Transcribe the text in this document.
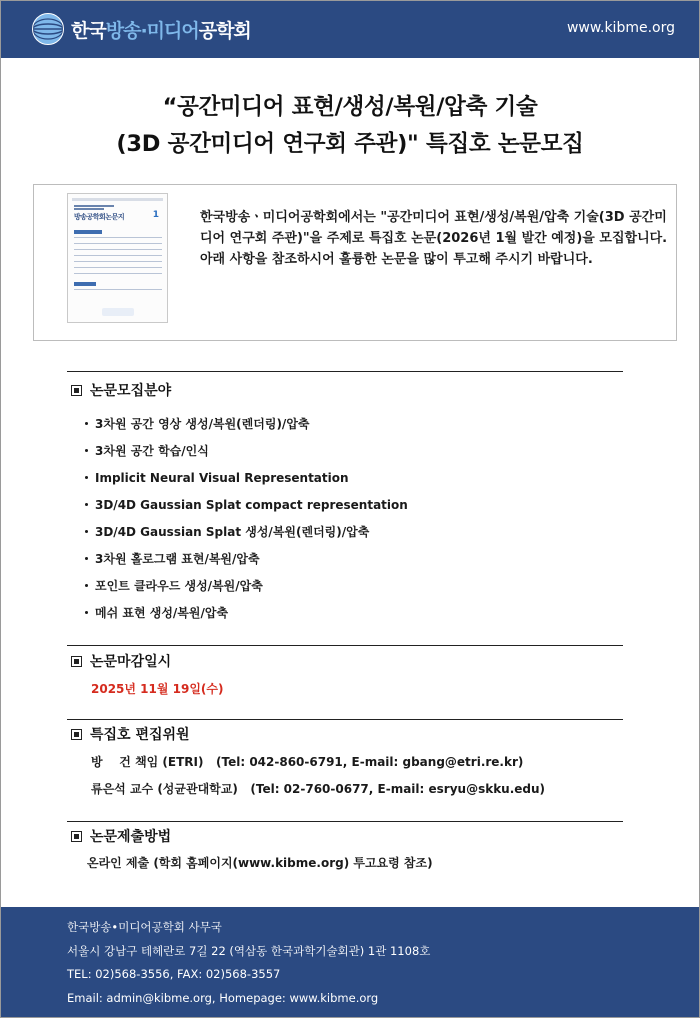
한국방송·미디어공학회	www.kibme.org
“공간미디어 표현/생성/복원/압축 기술
(3D 공간미디어 연구회 주관)" 특집호 논문모집
방송공학회논문지	1	한국방송ㆍ미디어공학회에서는 "공간미디어 표현/생성/복원/압축 기술(3D 공간미디어 연구회 주관)"을 주제로 특집호 논문(2026년 1월 발간 예정)을 모집합니다.

아래 사항을 참조하시어 훌륭한 논문을 많이 투고해 주시기 바랍니다.

논문모집분야
3차원 공간 영상 생성/복원(렌더링)/압축
3차원 공간 학습/인식
Implicit Neural Visual Representation
3D/4D Gaussian Splat compact representation
3D/4D Gaussian Splat 생성/복원(렌더링)/압축
3차원 홀로그램 표현/복원/압축
포인트 클라우드 생성/복원/압축
메쉬 표현 생성/복원/압축
논문마감일시
2025년 11월 19일(수)
특집호 편집위원
방    건 책임 (ETRI)   (Tel: 042-860-6791, E-mail: gbang@etri.re.kr)
류은석 교수 (성균관대학교)   (Tel: 02-760-0677, E-mail: esryu@skku.edu)
논문제출방법
온라인 제출 (학회 홈페이지(www.kibme.org) 투고요령 참조)
한국방송•미디어공학회 사무국
서울시 강남구 테헤란로 7길 22 (역삼동 한국과학기술회관) 1관 1108호
TEL: 02)568-3556, FAX: 02)568-3557
Email: admin@kibme.org, Homepage: www.kibme.org
